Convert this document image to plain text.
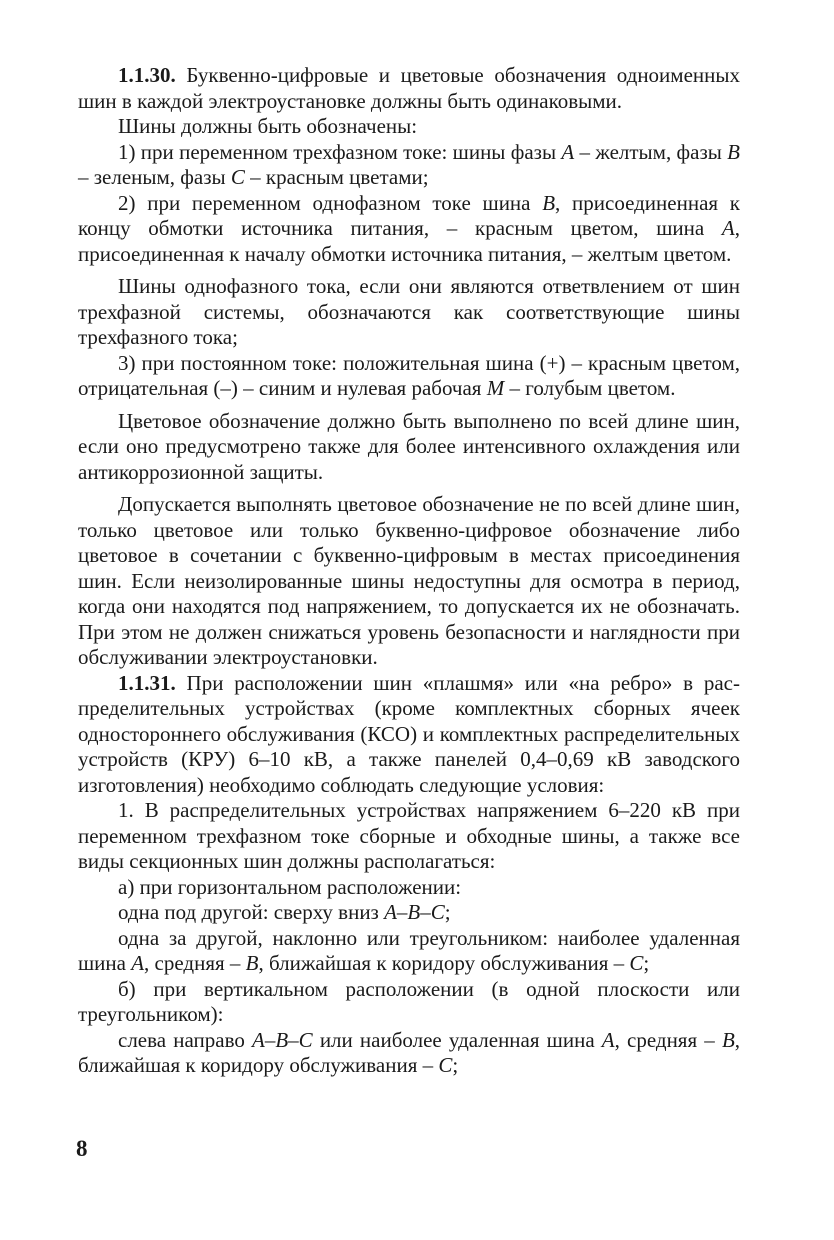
1.1.30. Буквенно-цифровые и цветовые обозначения одноименных шин в каждой электроустановке должны быть одинаковыми.

Шины должны быть обозначены:

1) при переменном трехфазном токе: шины фазы A – желтым, фазы B – зеленым, фазы C – красным цветами;

2) при переменном однофазном токе шина B, присоединенная к концу обмотки источника питания, – красным цветом, шина A, присоединенная к началу обмотки источника питания, – желтым цветом.

Шины однофазного тока, если они являются ответвлением от шин трехфазной системы, обозначаются как соответствующие шины трехфазного тока;

3) при постоянном токе: положительная шина (+) – красным цветом, отрицательная (–) – синим и нулевая рабочая M – голубым цветом.

Цветовое обозначение должно быть выполнено по всей длине шин, если оно предусмотрено также для более интенсивного охлаждения или антикоррозионной защиты.

Допускается выполнять цветовое обозначение не по всей длине шин, только цветовое или только буквенно-цифровое обозначение либо цветовое в сочетании с буквенно-цифровым в местах присоединения шин. Если неизолированные шины недоступны для осмотра в период, когда они находятся под напряжением, то допускается их не обозначать. При этом не должен снижаться уровень безопасности и наглядности при обслуживании электроустановки.

1.1.31. При расположении шин «плашмя» или «на ребро» в распределительных устройствах (кроме комплектных сборных ячеек одностороннего обслуживания (КСО) и комплектных распределительных устройств (КРУ) 6–10 кВ, а также панелей 0,4–0,69 кВ заводского изготовления) необходимо соблюдать следующие условия:

1. В распределительных устройствах напряжением 6–220 кВ при переменном трехфазном токе сборные и обходные шины, а также все виды секционных шин должны располагаться:

а) при горизонтальном расположении:

одна под другой: сверху вниз A–B–C;

одна за другой, наклонно или треугольником: наиболее удаленная шина A, средняя – B, ближайшая к коридору обслуживания – C;

б) при вертикальном расположении (в одной плоскости или треугольником):

слева направо A–B–C или наиболее удаленная шина A, средняя – B, ближайшая к коридору обслуживания – C;

8
